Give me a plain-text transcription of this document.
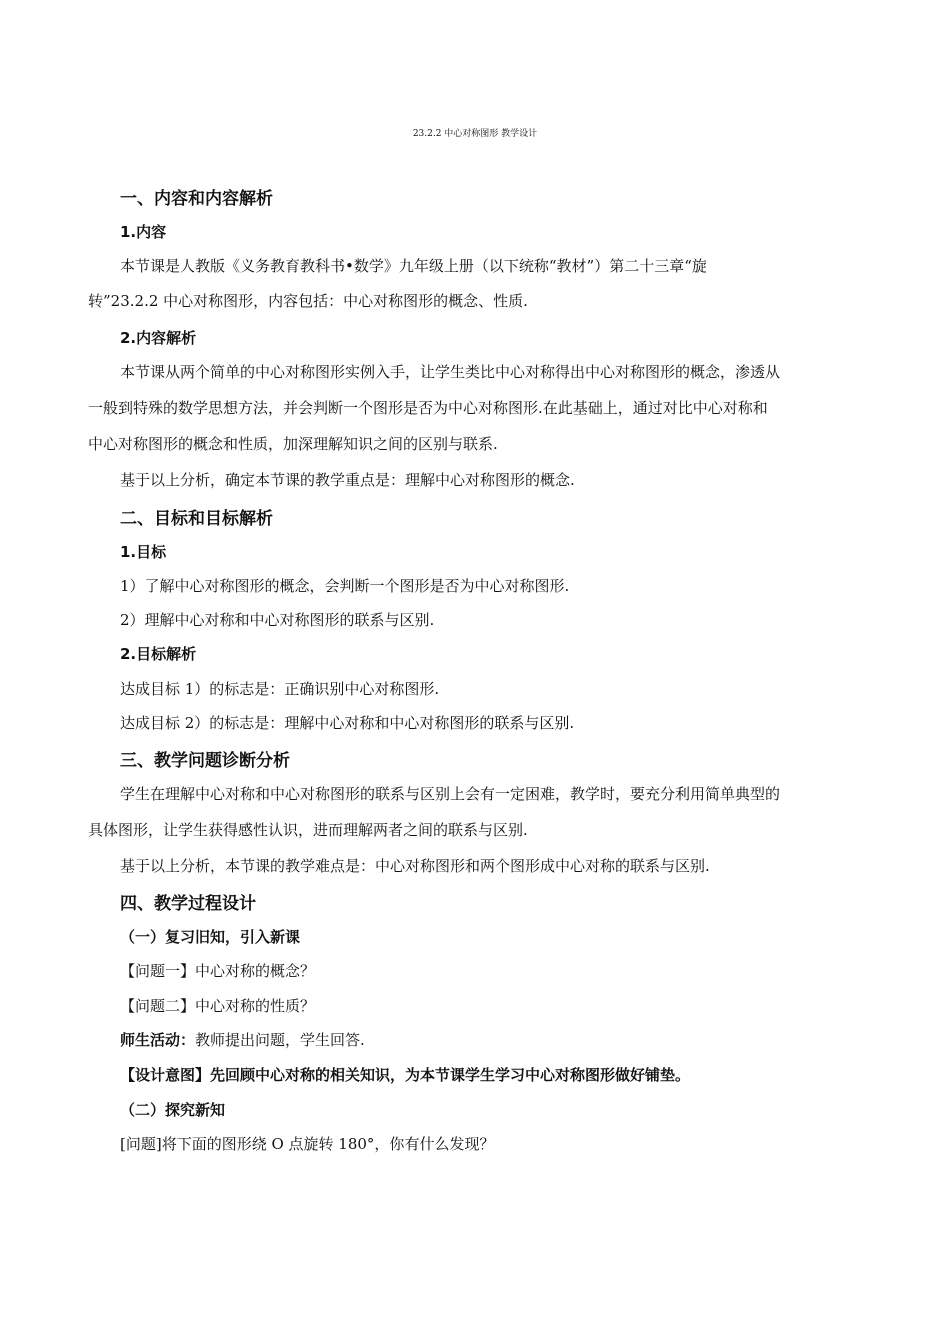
23.2.2 中心对称图形 教学设计
一、内容和内容解析
1.内容
本节课是人教版《义务教育教科书•数学》九年级上册（以下统称“教材”）第二十三章“旋
转”23.2.2 中心对称图形，内容包括：中心对称图形的概念、性质.
2.内容解析
本节课从两个简单的中心对称图形实例入手，让学生类比中心对称得出中心对称图形的概念，渗透从
一般到特殊的数学思想方法，并会判断一个图形是否为中心对称图形.在此基础上，通过对比中心对称和
中心对称图形的概念和性质，加深理解知识之间的区别与联系.
基于以上分析，确定本节课的教学重点是：理解中心对称图形的概念.
二、目标和目标解析
1.目标
1）了解中心对称图形的概念，会判断一个图形是否为中心对称图形.
2）理解中心对称和中心对称图形的联系与区别.
2.目标解析
达成目标 1）的标志是：正确识别中心对称图形.
达成目标 2）的标志是：理解中心对称和中心对称图形的联系与区别.
三、教学问题诊断分析
学生在理解中心对称和中心对称图形的联系与区别上会有一定困难，教学时，要充分利用简单典型的
具体图形，让学生获得感性认识，进而理解两者之间的联系与区别.
基于以上分析，本节课的教学难点是：中心对称图形和两个图形成中心对称的联系与区别.
四、教学过程设计
（一）复习旧知，引入新课
【问题一】中心对称的概念？
【问题二】中心对称的性质？
师生活动：教师提出问题，学生回答.
【设计意图】先回顾中心对称的相关知识，为本节课学生学习中心对称图形做好铺垫。
（二）探究新知
[问题]将下面的图形绕 O 点旋转 180°，你有什么发现？
